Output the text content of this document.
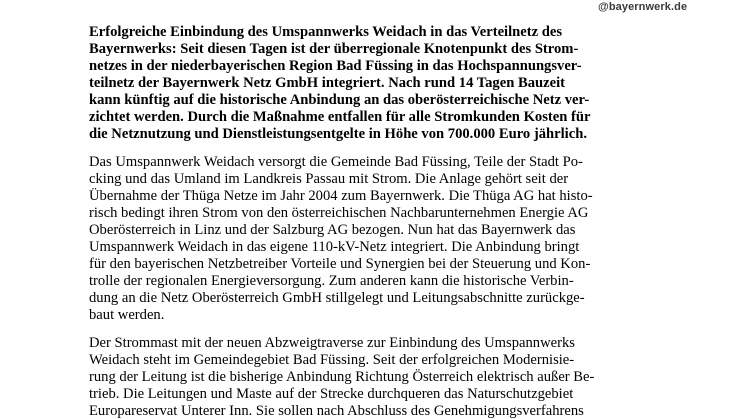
@bayernwerk.de

Erfolgreiche Einbindung des Umspannwerks Weidach in das Verteilnetz des
Bayernwerks: Seit diesen Tagen ist der überregionale Knotenpunkt des Strom-
netzes in der niederbayerischen Region Bad Füssing in das Hochspannungsver-
teilnetz der Bayernwerk Netz GmbH integriert. Nach rund 14 Tagen Bauzeit
kann künftig auf die historische Anbindung an das oberösterreichische Netz ver-
zichtet werden. Durch die Maßnahme entfallen für alle Stromkunden Kosten für
die Netznutzung und Dienstleistungsentgelte in Höhe von 700.000 Euro jährlich.

Das Umspannwerk Weidach versorgt die Gemeinde Bad Füssing, Teile der Stadt Po-
cking und das Umland im Landkreis Passau mit Strom. Die Anlage gehört seit der
Übernahme der Thüga Netze im Jahr 2004 zum Bayernwerk. Die Thüga AG hat histo-
risch bedingt ihren Strom von den österreichischen Nachbarunternehmen Energie AG
Oberösterreich in Linz und der Salzburg AG bezogen. Nun hat das Bayernwerk das
Umspannwerk Weidach in das eigene 110-kV-Netz integriert. Die Anbindung bringt
für den bayerischen Netzbetreiber Vorteile und Synergien bei der Steuerung und Kon-
trolle der regionalen Energieversorgung. Zum anderen kann die historische Verbin-
dung an die Netz Oberösterreich GmbH stillgelegt und Leitungsabschnitte zurückge-
baut werden.

Der Strommast mit der neuen Abzweigtraverse zur Einbindung des Umspannwerks
Weidach steht im Gemeindegebiet Bad Füssing. Seit der erfolgreichen Modernisie-
rung der Leitung ist die bisherige Anbindung Richtung Österreich elektrisch außer Be-
trieb. Die Leitungen und Maste auf der Strecke durchqueren das Naturschutzgebiet
Europareservat Unterer Inn. Sie sollen nach Abschluss des Genehmigungsverfahrens
